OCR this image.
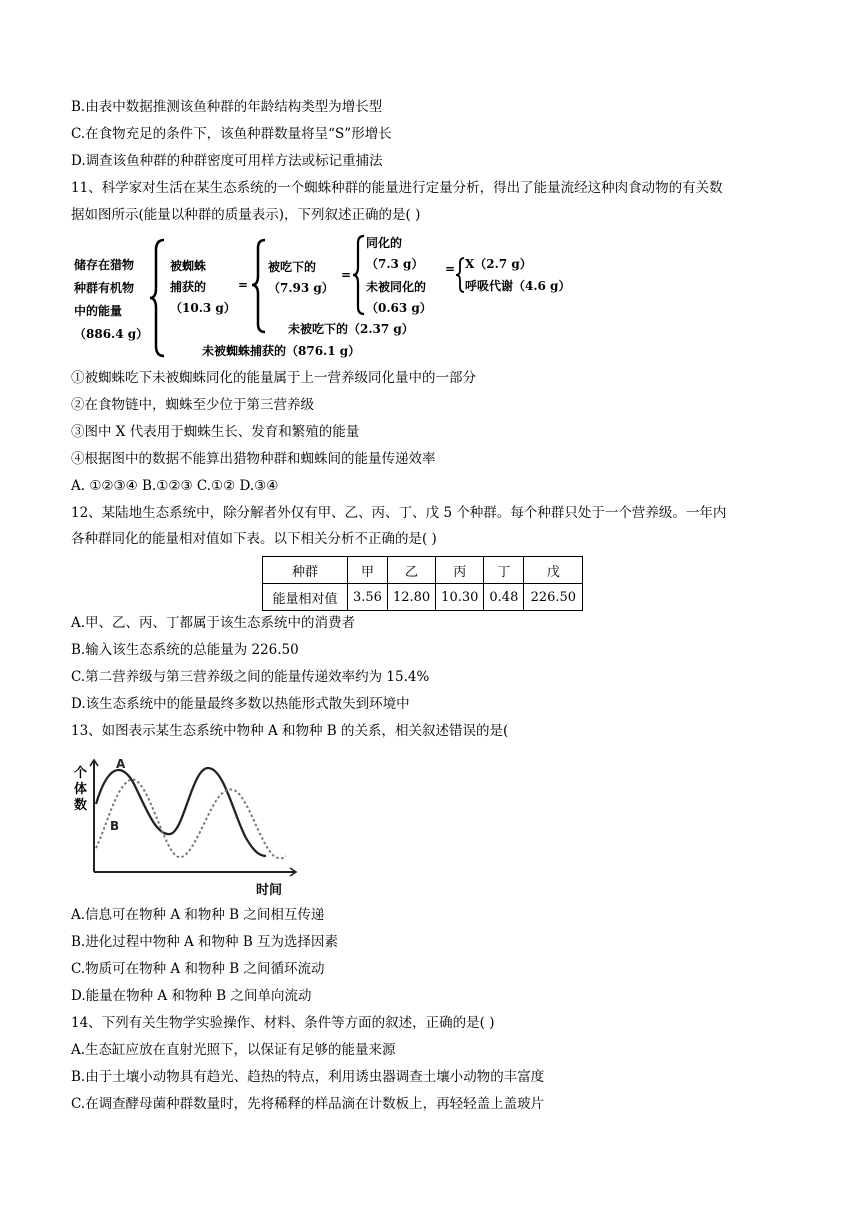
B.由表中数据推测该鱼种群的年龄结构类型为增长型
C.在食物充足的条件下，该鱼种群数量将呈“S”形增长
D.调查该鱼种群的种群密度可用样方法或标记重捕法
11、科学家对生活在某生态系统的一个蜘蛛种群的能量进行定量分析，得出了能量流经这种肉食动物的有关数
据如图所示(能量以种群的质量表示)，下列叙述正确的是( )
储存在猎物
种群有机物
中的能量
（886.4 g）
被蜘蛛
捕获的
（10.3 g）
=
被吃下的
（7.93 g）
=
同化的
（7.3 g）
未被同化的
（0.63 g）
= X（2.7 g）
呼吸代谢（4.6 g）
未被吃下的（2.37 g）
未被蜘蛛捕获的（876.1 g）
①被蜘蛛吃下未被蜘蛛同化的能量属于上一营养级同化量中的一部分
②在食物链中，蜘蛛至少位于第三营养级
③图中 X 代表用于蜘蛛生长、发育和繁殖的能量
④根据图中的数据不能算出猎物种群和蜘蛛间的能量传递效率
A. ①②③④ B.①②③ C.①② D.③④
12、某陆地生态系统中，除分解者外仅有甲、乙、丙、丁、戊 5 个种群。每个种群只处于一个营养级。一年内
各种群同化的能量相对值如下表。以下相关分析不正确的是( )
种群	甲	乙	丙	丁	戊
能量相对值	3.56	12.80	10.30	0.48	226.50
A.甲、乙、丙、丁都属于该生态系统中的消费者
B.输入该生态系统的总能量为 226.50
C.第二营养级与第三营养级之间的能量传递效率约为 15.4%
D.该生态系统中的能量最终多数以热能形式散失到环境中
13、如图表示某生态系统中物种 A 和物种 B 的关系，相关叙述错误的是(
A
B
个
体
数
时间
A.信息可在物种 A 和物种 B 之间相互传递
B.进化过程中物种 A 和物种 B 互为选择因素
C.物质可在物种 A 和物种 B 之间循环流动
D.能量在物种 A 和物种 B 之间单向流动
14、下列有关生物学实验操作、材料、条件等方面的叙述，正确的是( )
A.生态缸应放在直射光照下，以保证有足够的能量来源
B.由于土壤小动物具有趋光、趋热的特点，利用诱虫器调查土壤小动物的丰富度
C.在调查酵母菌种群数量时，先将稀释的样品滴在计数板上，再轻轻盖上盖玻片
